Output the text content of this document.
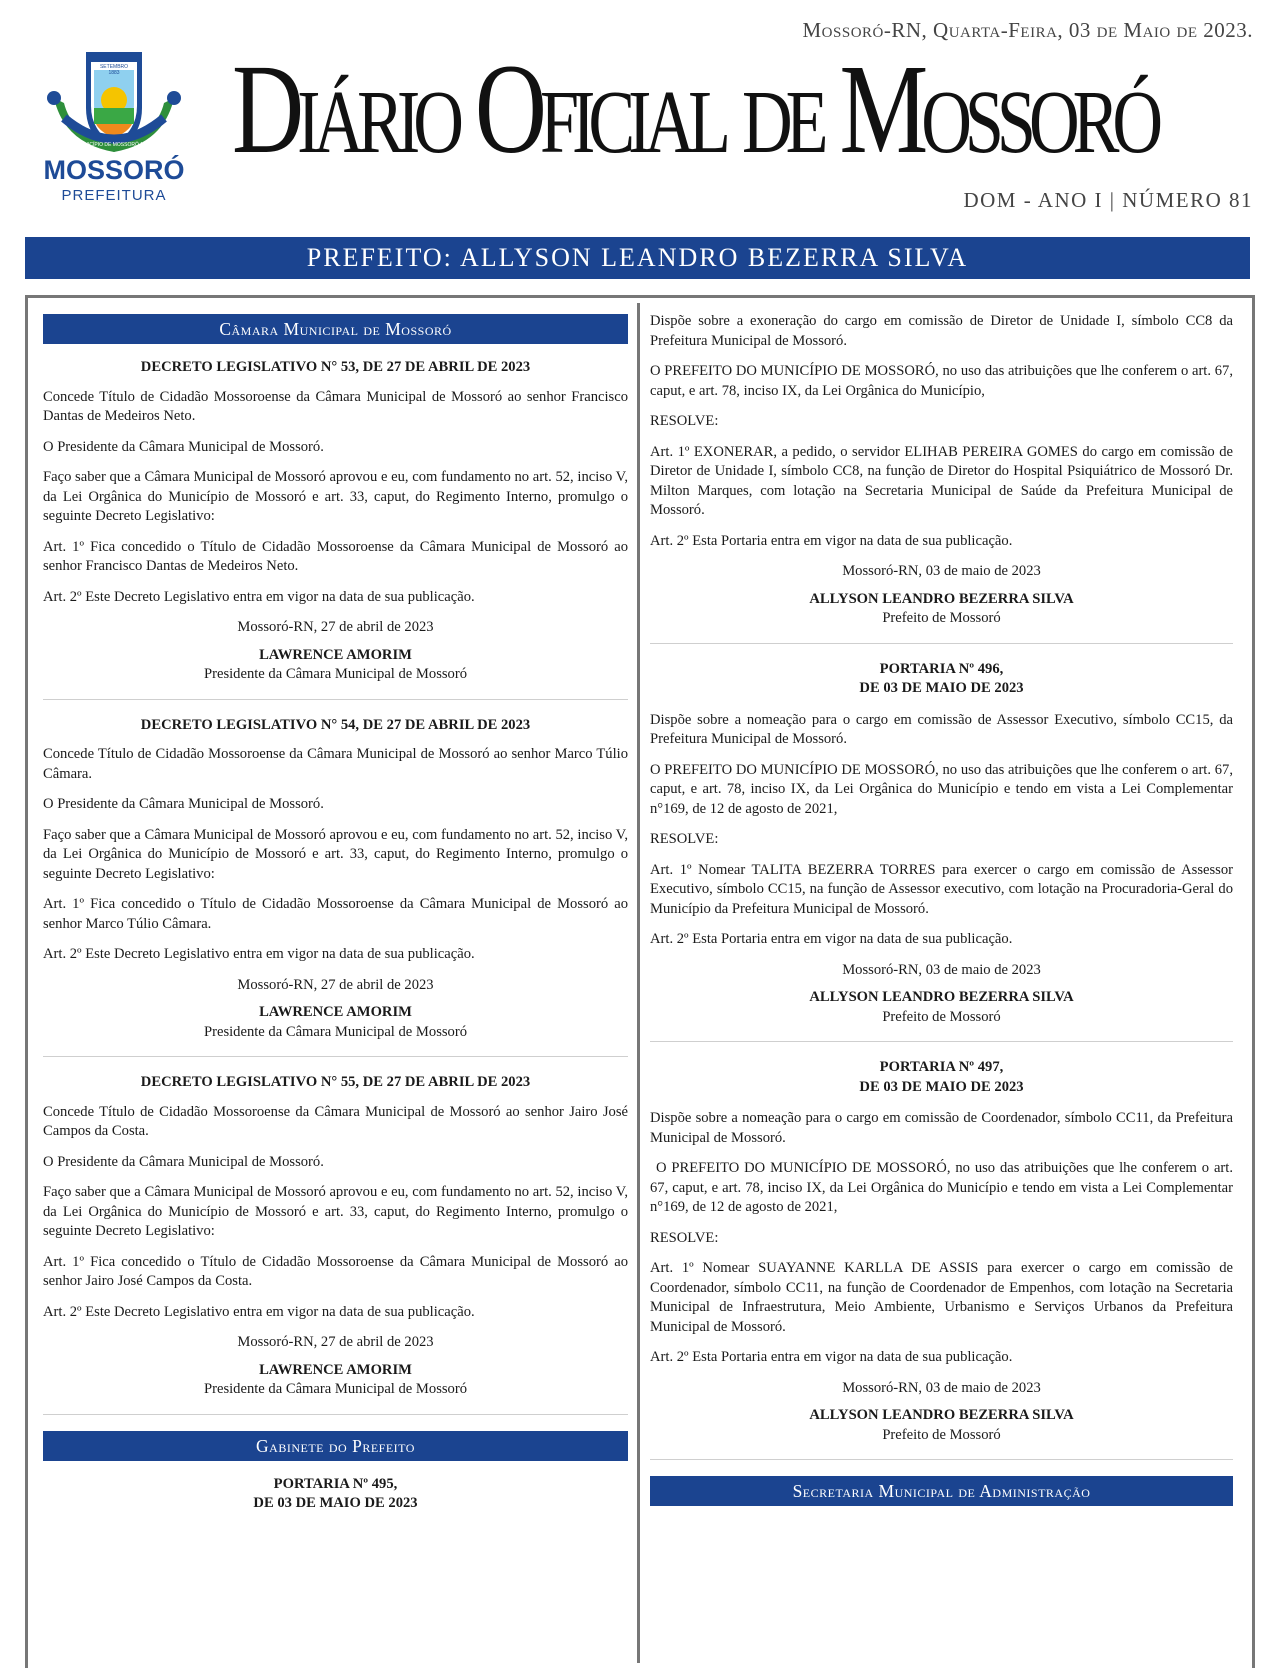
Mossoró-RN, Quarta-Feira, 03 de Maio de 2023.
30 DE SETEMBRO 1883
MUNICÍPIO DE MOSSORÓ 1852
MOSSORÓ
PREFEITURA
Diário Oficial de Mossoró
DOM - ANO I | NÚMERO 81
PREFEITO: ALLYSON LEANDRO BEZERRA SILVA
Câmara Municipal de Mossoró
DECRETO LEGISLATIVO N° 53, DE 27 DE ABRIL DE 2023

Concede Título de Cidadão Mossoroense da Câmara Municipal de Mossoró ao senhor Francisco Dantas de Medeiros Neto.

O Presidente da Câmara Municipal de Mossoró.

Faço saber que a Câmara Municipal de Mossoró aprovou e eu, com fundamento no art. 52, inciso V, da Lei Orgânica do Município de Mossoró e art. 33, caput, do Regimento Interno, promulgo o seguinte Decreto Legislativo:

Art. 1º Fica concedido o Título de Cidadão Mossoroense da Câmara Municipal de Mossoró ao senhor Francisco Dantas de Medeiros Neto.

Art. 2º Este Decreto Legislativo entra em vigor na data de sua publicação.

Mossoró-RN, 27 de abril de 2023
LAWRENCE AMORIM
Presidente da Câmara Municipal de Mossoró
DECRETO LEGISLATIVO N° 54, DE 27 DE ABRIL DE 2023

Concede Título de Cidadão Mossoroense da Câmara Municipal de Mossoró ao senhor Marco Túlio Câmara.

O Presidente da Câmara Municipal de Mossoró.

Faço saber que a Câmara Municipal de Mossoró aprovou e eu, com fundamento no art. 52, inciso V, da Lei Orgânica do Município de Mossoró e art. 33, caput, do Regimento Interno, promulgo o seguinte Decreto Legislativo:

Art. 1º Fica concedido o Título de Cidadão Mossoroense da Câmara Municipal de Mossoró ao senhor Marco Túlio Câmara.

Art. 2º Este Decreto Legislativo entra em vigor na data de sua publicação.

Mossoró-RN, 27 de abril de 2023
LAWRENCE AMORIM
Presidente da Câmara Municipal de Mossoró
DECRETO LEGISLATIVO N° 55, DE 27 DE ABRIL DE 2023

Concede Título de Cidadão Mossoroense da Câmara Municipal de Mossoró ao senhor Jairo José Campos da Costa.

O Presidente da Câmara Municipal de Mossoró.

Faço saber que a Câmara Municipal de Mossoró aprovou e eu, com fundamento no art. 52, inciso V, da Lei Orgânica do Município de Mossoró e art. 33, caput, do Regimento Interno, promulgo o seguinte Decreto Legislativo:

Art. 1º Fica concedido o Título de Cidadão Mossoroense da Câmara Municipal de Mossoró ao senhor Jairo José Campos da Costa.

Art. 2º Este Decreto Legislativo entra em vigor na data de sua publicação.

Mossoró-RN, 27 de abril de 2023
LAWRENCE AMORIM
Presidente da Câmara Municipal de Mossoró
Gabinete do Prefeito
PORTARIA Nº 495,
DE 03 DE MAIO DE 2023

Dispõe sobre a exoneração do cargo em comissão de Diretor de Unidade I, símbolo CC8 da Prefeitura Municipal de Mossoró.

O PREFEITO DO MUNICÍPIO DE MOSSORÓ, no uso das atribuições que lhe conferem o art. 67, caput, e art. 78, inciso IX, da Lei Orgânica do Município,

RESOLVE:

Art. 1º EXONERAR, a pedido, o servidor ELIHAB PEREIRA GOMES do cargo em comissão de Diretor de Unidade I, símbolo CC8, na função de Diretor do Hospital Psiquiátrico de Mossoró Dr. Milton Marques, com lotação na Secretaria Municipal de Saúde da Prefeitura Municipal de Mossoró.

Art. 2º Esta Portaria entra em vigor na data de sua publicação.

Mossoró-RN, 03 de maio de 2023
ALLYSON LEANDRO BEZERRA SILVA
Prefeito de Mossoró
PORTARIA Nº 496,
DE 03 DE MAIO DE 2023

Dispõe sobre a nomeação para o cargo em comissão de Assessor Executivo, símbolo CC15, da Prefeitura Municipal de Mossoró.

O PREFEITO DO MUNICÍPIO DE MOSSORÓ, no uso das atribuições que lhe conferem o art. 67, caput, e art. 78, inciso IX, da Lei Orgânica do Município e tendo em vista a Lei Complementar n°169, de 12 de agosto de 2021,

RESOLVE:

Art. 1º Nomear TALITA BEZERRA TORRES para exercer o cargo em comissão de Assessor Executivo, símbolo CC15, na função de Assessor executivo, com lotação na Procuradoria-Geral do Município da Prefeitura Municipal de Mossoró.

Art. 2º Esta Portaria entra em vigor na data de sua publicação.

Mossoró-RN, 03 de maio de 2023
ALLYSON LEANDRO BEZERRA SILVA
Prefeito de Mossoró
PORTARIA Nº 497,
DE 03 DE MAIO DE 2023

Dispõe sobre a nomeação para o cargo em comissão de Coordenador, símbolo CC11, da Prefeitura Municipal de Mossoró.

O PREFEITO DO MUNICÍPIO DE MOSSORÓ, no uso das atribuições que lhe conferem o art. 67, caput, e art. 78, inciso IX, da Lei Orgânica do Município e tendo em vista a Lei Complementar n°169, de 12 de agosto de 2021,

RESOLVE:

Art. 1º Nomear SUAYANNE KARLLA DE ASSIS para exercer o cargo em comissão de Coordenador, símbolo CC11, na função de Coordenador de Empenhos, com lotação na Secretaria Municipal de Infraestrutura, Meio Ambiente, Urbanismo e Serviços Urbanos da Prefeitura Municipal de Mossoró.

Art. 2º Esta Portaria entra em vigor na data de sua publicação.

Mossoró-RN, 03 de maio de 2023
ALLYSON LEANDRO BEZERRA SILVA
Prefeito de Mossoró
Secretaria Municipal de Administração
